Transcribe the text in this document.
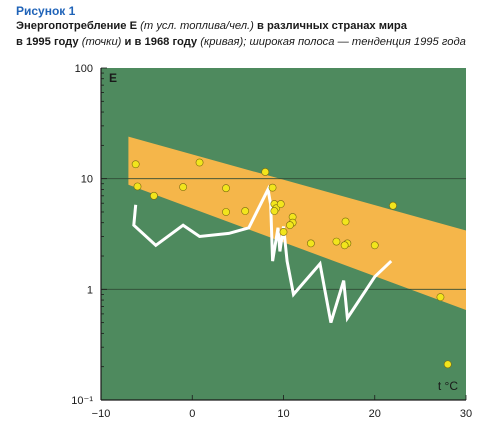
Рисунок 1
Энергопотребление Е (т усл. топлива/чел.) в различных странах мира
в 1995 году (точки) и в 1968 году (кривая); широкая полоса — тенденция 1995 года
10⁻¹
1
10
100
−10	0	10	20	30
E
t °C
